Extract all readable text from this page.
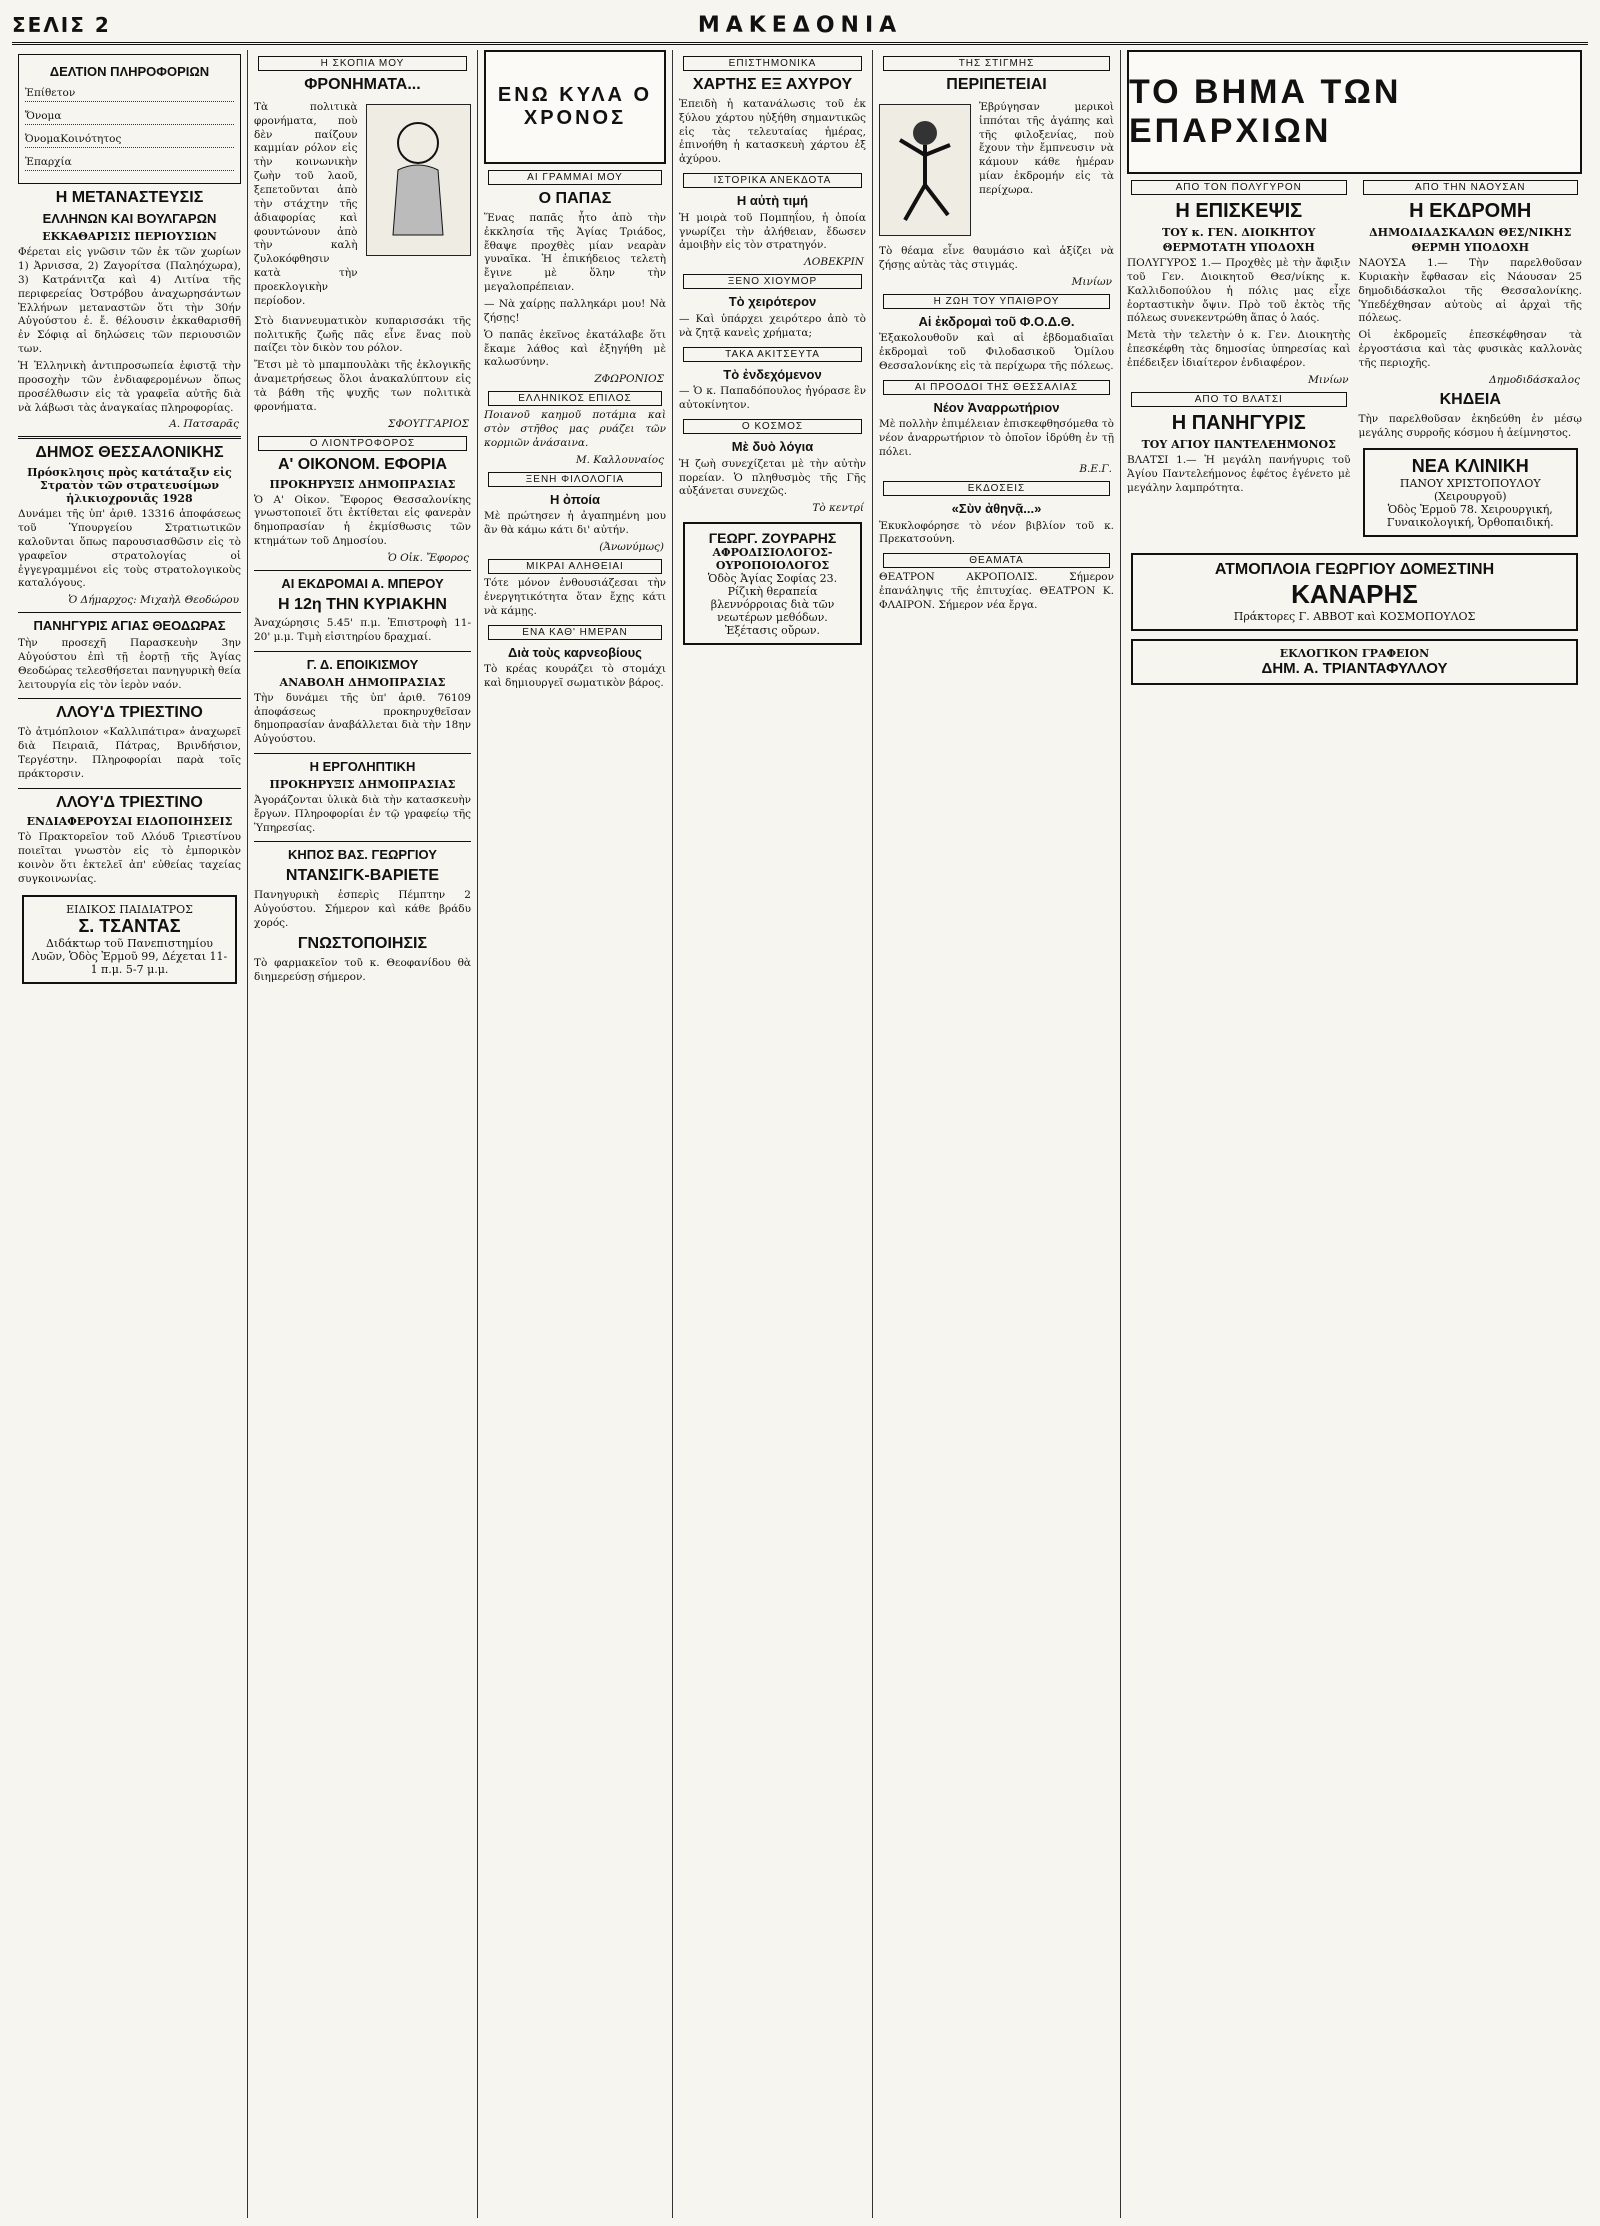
ΣΕΛΙΣ 2	ΜΑΚΕΔΟΝΙΑ
ΔΕΛΤΙΟΝ ΠΛΗΡΟΦΟΡΙΩΝ
Ἐπίθετον
Ὄνομα
ὈνομαΚοινότητος
Ἐπαρχία
Η ΜΕΤΑΝΑΣΤΕΥΣΙΣ
ΕΛΛΗΝΩΝ ΚΑΙ ΒΟΥΛΓΑΡΩΝ
ΕΚΚΑΘΑΡΙΣΙΣ ΠΕΡΙΟΥΣΙΩΝ

Φέρεται εἰς γνῶσιν τῶν ἐκ τῶν χωρίων 1) Ἀρνισσα, 2) Ζαγορίτσα (Παληόχωρα), 3) Κατράνιτζα καὶ 4) Λιτίνα τῆς περιφερείας Ὀστρόβου ἀναχωρησάντων Ἑλλήνων μεταναστῶν ὅτι τὴν 30ήν Αὐγούστου ἐ. ἔ. θέλουσιν ἐκκαθαρισθῆ ἐν Σόφιᾳ αἱ δηλώσεις τῶν περιουσιῶν των.

Ἡ Ἑλληνικὴ ἀντιπροσωπεία ἐφιστᾷ τὴν προσοχὴν τῶν ἐνδιαφερομένων ὅπως προσέλθωσιν εἰς τὰ γραφεῖα αὐτῆς διὰ νὰ λάβωσι τὰς ἀναγκαίας πληροφορίας.

Α. Πατσαρᾶς
ΔΗΜΟΣ ΘΕΣΣΑΛΟΝΙΚΗΣ
Πρόσκλησις πρὸς κατάταξιν εἰς Στρατὸν τῶν στρατευσίμων ἡλικιοχρονιᾶς 1928

Δυνάμει τῆς ὑπ' ἀριθ. 13316 ἀποφάσεως τοῦ Ὑπουργείου Στρατιωτικῶν καλοῦνται ὅπως παρουσιασθῶσιν εἰς τὸ γραφεῖον στρατολογίας οἱ ἐγγεγραμμένοι εἰς τοὺς στρατολογικοὺς καταλόγους.

Ὁ Δήμαρχος: Μιχαὴλ Θεοδώρου
ΠΑΝΗΓΥΡΙΣ ΑΓΙΑΣ ΘΕΟΔΩΡΑΣ

Τὴν προσεχῆ Παρασκευὴν 3ην Αὐγούστου ἐπὶ τῇ ἑορτῇ τῆς Ἁγίας Θεοδώρας τελεσθήσεται πανηγυρικὴ θεία λειτουργία εἰς τὸν ἱερὸν ναόν.

ΛΛΟΥ'Δ ΤΡΙΕΣΤΙΝΟ

Τὸ ἀτμόπλοιον «Καλλιπάτιρα» ἀναχωρεῖ διὰ Πειραιᾶ, Πάτρας, Βρινδήσιον, Τεργέστην. Πληροφορίαι παρὰ τοῖς πράκτορσιν.

ΛΛΟΥ'Δ ΤΡΙΕΣΤΙΝΟ
ΕΝΔΙΑΦΕΡΟΥΣΑΙ ΕΙΔΟΠΟΙΗΣΕΙΣ

Τὸ Πρακτορεῖον τοῦ Λλόυδ Τριεστίνου ποιεῖται γνωστὸν εἰς τὸ ἐμπορικὸν κοινὸν ὅτι ἐκτελεῖ ἀπ' εὐθείας ταχείας συγκοινωνίας.

ΕΙΔΙΚΟΣ ΠΑΙΔΙΑΤΡΟΣ
Σ. ΤΣΑΝΤΑΣ
Διδάκτωρ τοῦ Πανεπιστημίου Λυῶν, Ὁδὸς Ἐρμοῦ 99, Δέχεται 11-1 π.μ. 5-7 μ.μ.
Η ΣΚΟΠΙΑ ΜΟΥ
ΦΡΟΝΗΜΑΤΑ...

Τὰ πολιτικὰ φρονήματα, ποὺ δὲν παίζουν καμμίαν ρόλον εἰς τὴν κοινωνικὴν ζωὴν τοῦ λαοῦ, ξεπετοῦνται ἀπὸ τὴν στάχτην τῆς ἀδιαφορίας καὶ φουντώνουν ἀπὸ τὴν καλὴ ζυλοκόφθησιν κατὰ τὴν προεκλογικὴν περίοδον.

Στὸ διαννευματικὸν κυπαρισσάκι τῆς πολιτικῆς ζωῆς πᾶς εἶνε ἕνας ποὺ παίζει τὸν δικὸν του ρόλον.

Ἔτσι μὲ τὸ μπαμπουλὰκι τῆς ἐκλογικῆς ἀναμετρήσεως ὅλοι ἀνακαλύπτουν εἰς τὰ βάθη τῆς ψυχῆς των πολιτικὰ φρονήματα.

ΣΦΟΥΓΓΑΡΙΟΣ
Ο ΛΙΟΝΤΡΟΦΟΡΟΣ
Α' ΟΙΚΟΝΟΜ. ΕΦΟΡΙΑ
ΠΡΟΚΗΡΥΞΙΣ ΔΗΜΟΠΡΑΣΙΑΣ

Ὁ Α' Οἰκον. Ἔφορος Θεσσαλονίκης γνωστοποιεῖ ὅτι ἐκτίθεται εἰς φανερὰν δημοπρασίαν ἡ ἐκμίσθωσις τῶν κτημάτων τοῦ Δημοσίου.

Ὁ Οἰκ. Ἔφορος
ΑΙ ΕΚΔΡΟΜΑΙ Α. ΜΠΕΡΟΥ
Η 12η ΤΗΝ ΚΥΡΙΑΚΗΝ

Ἀναχώρησις 5.45' π.μ. Ἐπιστροφὴ 11-20' μ.μ. Τιμὴ εἰσιτηρίου δραχμαί.

Γ. Δ. ΕΠΟΙΚΙΣΜΟΥ
ΑΝΑΒΟΛΗ ΔΗΜΟΠΡΑΣΙΑΣ

Τὴν δυνάμει τῆς ὑπ' ἀριθ. 76109 ἀποφάσεως προκηρυχθεῖσαν δημοπρασίαν ἀναβάλλεται διὰ τὴν 18ην Αὐγούστου.

Η ΕΡΓΟΛΗΠΤΙΚΗ
ΠΡΟΚΗΡΥΞΙΣ ΔΗΜΟΠΡΑΣΙΑΣ

Ἀγοράζονται ὑλικὰ διὰ τὴν κατασκευὴν ἔργων. Πληροφορίαι ἐν τῷ γραφείῳ τῆς Ὑπηρεσίας.

ΚΗΠΟΣ ΒΑΣ. ΓΕΩΡΓΙΟΥ
ΝΤΑΝΣΙΓΚ-ΒΑΡΙΕΤΕ

Πανηγυρικὴ ἑσπερὶς Πέμπτην 2 Αὐγούστου. Σήμερον καὶ κάθε βράδυ χορός.

ΓΝΩΣΤΟΠΟΙΗΣΙΣ

Τὸ φαρμακεῖον τοῦ κ. Θεοφανίδου θὰ διημερεύσῃ σήμερον.

ΕΝΩ ΚΥΛΑ Ο ΧΡΟΝΟΣ
ΑΙ ΓΡΑΜΜΑΙ ΜΟΥ
Ο ΠΑΠΑΣ

Ἕνας παπᾶς ἦτο ἀπὸ τὴν ἐκκλησία τῆς Ἁγίας Τριάδος, ἔθαψε προχθὲς μίαν νεαρὰν γυναῖκα. Ἡ ἐπικήδειος τελετὴ ἔγινε μὲ ὅλην τὴν μεγαλοπρέπειαν.

— Νὰ χαίρῃς παλληκάρι μου! Νὰ ζήσῃς!

Ὁ παπᾶς ἐκεῖνος ἐκατάλαβε ὅτι ἔκαμε λάθος καὶ ἐξηγήθη μὲ καλωσύνην.

ΖΦΩΡΟΝΙΟΣ
ΕΛΛΗΝΙΚΟΣ ΕΠΙΛΟΣ

Ποιανοῦ καημοῦ ποτάμια καὶ στὸν στῆθος μας ρυάζει τῶν κορμιῶν ἀνάσαινα.

Μ. Καλλουναίος
ΞΕΝΗ ΦΙΛΟΛΟΓΙΑ
Η ὀποία

Μὲ πρώτησεν ἡ ἀγαπημένη μου ἂν θὰ κάμω κάτι δι' αὐτήν.

(Ἀνωνύμως)
ΜΙΚΡΑΙ ΑΛΗΘΕΙΑΙ

Τότε μόνον ἐνθουσιάζεσαι τὴν ἐνεργητικότητα ὅταν ἔχῃς κάτι νὰ κάμῃς.

ΕΝΑ ΚΑΘ' ΗΜΕΡΑΝ
Διὰ τοὺς καρνεοβίους

Τὸ κρέας κουράζει τὸ στομάχι καὶ δημιουργεῖ σωματικὸν βάρος.

ΕΠΙΣΤΗΜΟΝΙΚΑ
ΧΑΡΤΗΣ ΕΞ ΑΧΥΡΟΥ

Ἐπειδὴ ἡ κατανάλωσις τοῦ ἐκ ξύλου χάρτου ηὐξήθη σημαντικῶς εἰς τὰς τελευταίας ἡμέρας, ἐπινοήθη ἡ κατασκευὴ χάρτου ἐξ ἀχύρου.

ΙΣΤΟΡΙΚΑ ΑΝΕΚΔΟΤΑ
Η αὐτὴ τιμή

Ἡ μοιρὰ τοῦ Πομπηΐου, ἡ ὁποία γνωρίζει τὴν ἀλήθειαν, ἔδωσεν ἀμοιβὴν εἰς τὸν στρατηγόν.

ΛΟΒΕΚΡΙΝ
ΞΕΝΟ ΧΙΟΥΜΟΡ
Τὸ χειρότερον

— Καὶ ὑπάρχει χειρότερο ἀπὸ τὸ νὰ ζητᾷ κανεὶς χρήματα;

ΤΑΚΑ ΑΚΙΤΣΕΥΤΑ
Τὸ ἐνδεχόμενον

— Ὁ κ. Παπαδόπουλος ἠγόρασε ἓν αὐτοκίνητον.

Ο ΚΟΣΜΟΣ
Μὲ δυὸ λόγια

Ἡ ζωὴ συνεχίζεται μὲ τὴν αὐτὴν πορείαν. Ὁ πληθυσμὸς τῆς Γῆς αὐξάνεται συνεχῶς.

Τὸ κεντρί
ΓΕΩΡΓ. ΖΟΥΡΑΡΗΣ
ΑΦΡΟΔΙΣΙΟΛΟΓΟΣ-ΟΥΡΟΠΟΙΟΛΟΓΟΣ
Ὁδὸς Ἁγίας Σοφίας 23. Ρίζικὴ θεραπεία βλεννόρροιας διὰ τῶν νεωτέρων μεθόδων. Ἐξέτασις οὔρων.
ΤΗΣ ΣΤΙΓΜΗΣ
ΠΕΡΙΠΕΤΕΙΑΙ

Ἐβρύγησαν μερικοὶ ἱππόται τῆς ἀγάπης καὶ τῆς φιλοξενίας, ποὺ ἔχουν τὴν ἔμπνευσιν νὰ κάμουν κάθε ἡμέραν μίαν ἐκδρομήν εἰς τὰ περίχωρα.

Τὸ θέαμα εἶνε θαυμάσιο καὶ ἀξίζει νὰ ζήσῃς αὐτὰς τὰς στιγμάς.

Μινίων
Η ΖΩΗ ΤΟΥ ΥΠΑΙΘΡΟΥ
Αἱ ἐκδρομαὶ τοῦ Φ.Ο.Δ.Θ.

Ἐξακολουθοῦν καὶ αἱ ἐβδομαδιαῖαι ἐκδρομαὶ τοῦ Φιλοδασικοῦ Ὁμίλου Θεσσαλονίκης εἰς τὰ περίχωρα τῆς πόλεως.

ΑΙ ΠΡΟΟΔΟΙ ΤΗΣ ΘΕΣΣΑΛΙΑΣ
Νέον Ἀναρρωτήριον

Μὲ πολλὴν ἐπιμέλειαν ἐπισκεφθησόμεθα τὸ νέον ἀναρρωτήριον τὸ ὁποῖον ἱδρύθη ἐν τῇ πόλει.

Β.Ε.Γ.
ΕΚΔΟΣΕΙΣ
«Σὺν ἀθηνᾷ...»

Ἐκυκλοφόρησε τὸ νέον βιβλίον τοῦ κ. Πρεκατσούνη.

ΘΕΑΜΑΤΑ

ΘΕΑΤΡΟΝ ΑΚΡΟΠΟΛΙΣ. Σήμερον ἐπανάληψις τῆς ἐπιτυχίας. ΘΕΑΤΡΟΝ Κ. ΦΛΑΙΡΟΝ. Σήμερον νέα ἔργα.

ΤΟ ΒΗΜΑ ΤΩΝ ΕΠΑΡΧΙΩΝ
ΑΠΟ ΤΟΝ ΠΟΛΥΓΥΡΟΝ
Η ΕΠΙΣΚΕΨΙΣ
ΤΟΥ κ. ΓΕΝ. ΔΙΟΙΚΗΤΟΥ
ΘΕΡΜΟΤΑΤΗ ΥΠΟΔΟΧΗ

ΠΟΛΥΓΥΡΟΣ 1.— Προχθὲς μὲ τὴν ἄφιξιν τοῦ Γεν. Διοικητοῦ Θεσ/νίκης κ. Καλλιδοπούλου ἡ πόλις μας εἶχε ἑορταστικὴν ὄψιν. Πρὸ τοῦ ἐκτὸς τῆς πόλεως συνεκεντρώθη ἅπας ὁ λαός.

Μετὰ τὴν τελετὴν ὁ κ. Γεν. Διοικητὴς ἐπεσκέφθη τὰς δημοσίας ὑπηρεσίας καὶ ἐπέδειξεν ἰδιαίτερον ἐνδιαφέρον.

Μινίων
ΑΠΟ ΤΟ ΒΛΑΤΣΙ
Η ΠΑΝΗΓΥΡΙΣ
ΤΟΥ ΑΓΙΟΥ ΠΑΝΤΕΛΕΗΜΟΝΟΣ

ΒΛΑΤΣΙ 1.— Ἡ μεγάλη πανήγυρις τοῦ Ἁγίου Παντελεήμονος ἐφέτος ἐγένετο μὲ μεγάλην λαμπρότητα.

ΑΠΟ ΤΗΝ ΝΑΟΥΣΑΝ
Η ΕΚΔΡΟΜΗ
ΔΗΜΟΔΙΔΑΣΚΑΛΩΝ ΘΕΣ/ΝΙΚΗΣ
ΘΕΡΜΗ ΥΠΟΔΟΧΗ

ΝΑΟΥΣΑ 1.— Τὴν παρελθοῦσαν Κυριακὴν ἔφθασαν εἰς Νάουσαν 25 δημοδιδάσκαλοι τῆς Θεσσαλονίκης. Ὑπεδέχθησαν αὐτοὺς αἱ ἀρχαὶ τῆς πόλεως.

Οἱ ἐκδρομεῖς ἐπεσκέφθησαν τὰ ἐργοστάσια καὶ τὰς φυσικὰς καλλονὰς τῆς περιοχῆς.

Δημοδιδάσκαλος
ΚΗΔΕΙΑ

Τὴν παρελθοῦσαν ἐκηδεύθη ἐν μέσῳ μεγάλης συρροῆς κόσμου ἡ ἀείμνηστος.

ΝΕΑ ΚΛΙΝΙΚΗ
ΠΑΝΟΥ ΧΡΙΣΤΟΠΟΥΛΟΥ (Χειρουργοῦ)
Ὁδὸς Ἐρμοῦ 78. Χειρουργική, Γυναικολογική, Ὀρθοπαιδική.
ΑΤΜΟΠΛΟΙΑ ΓΕΩΡΓΙΟΥ ΔΟΜΕΣΤΙΝΗ
ΚΑΝΑΡΗΣ
Πράκτορες Γ. ΑΒΒΟΤ καὶ ΚΟΣΜΟΠΟΥΛΟΣ
ΕΚΛΟΓΙΚΟΝ ΓΡΑΦΕΙΟΝ
ΔΗΜ. Α. ΤΡΙΑΝΤΑΦΥΛΛΟΥ
